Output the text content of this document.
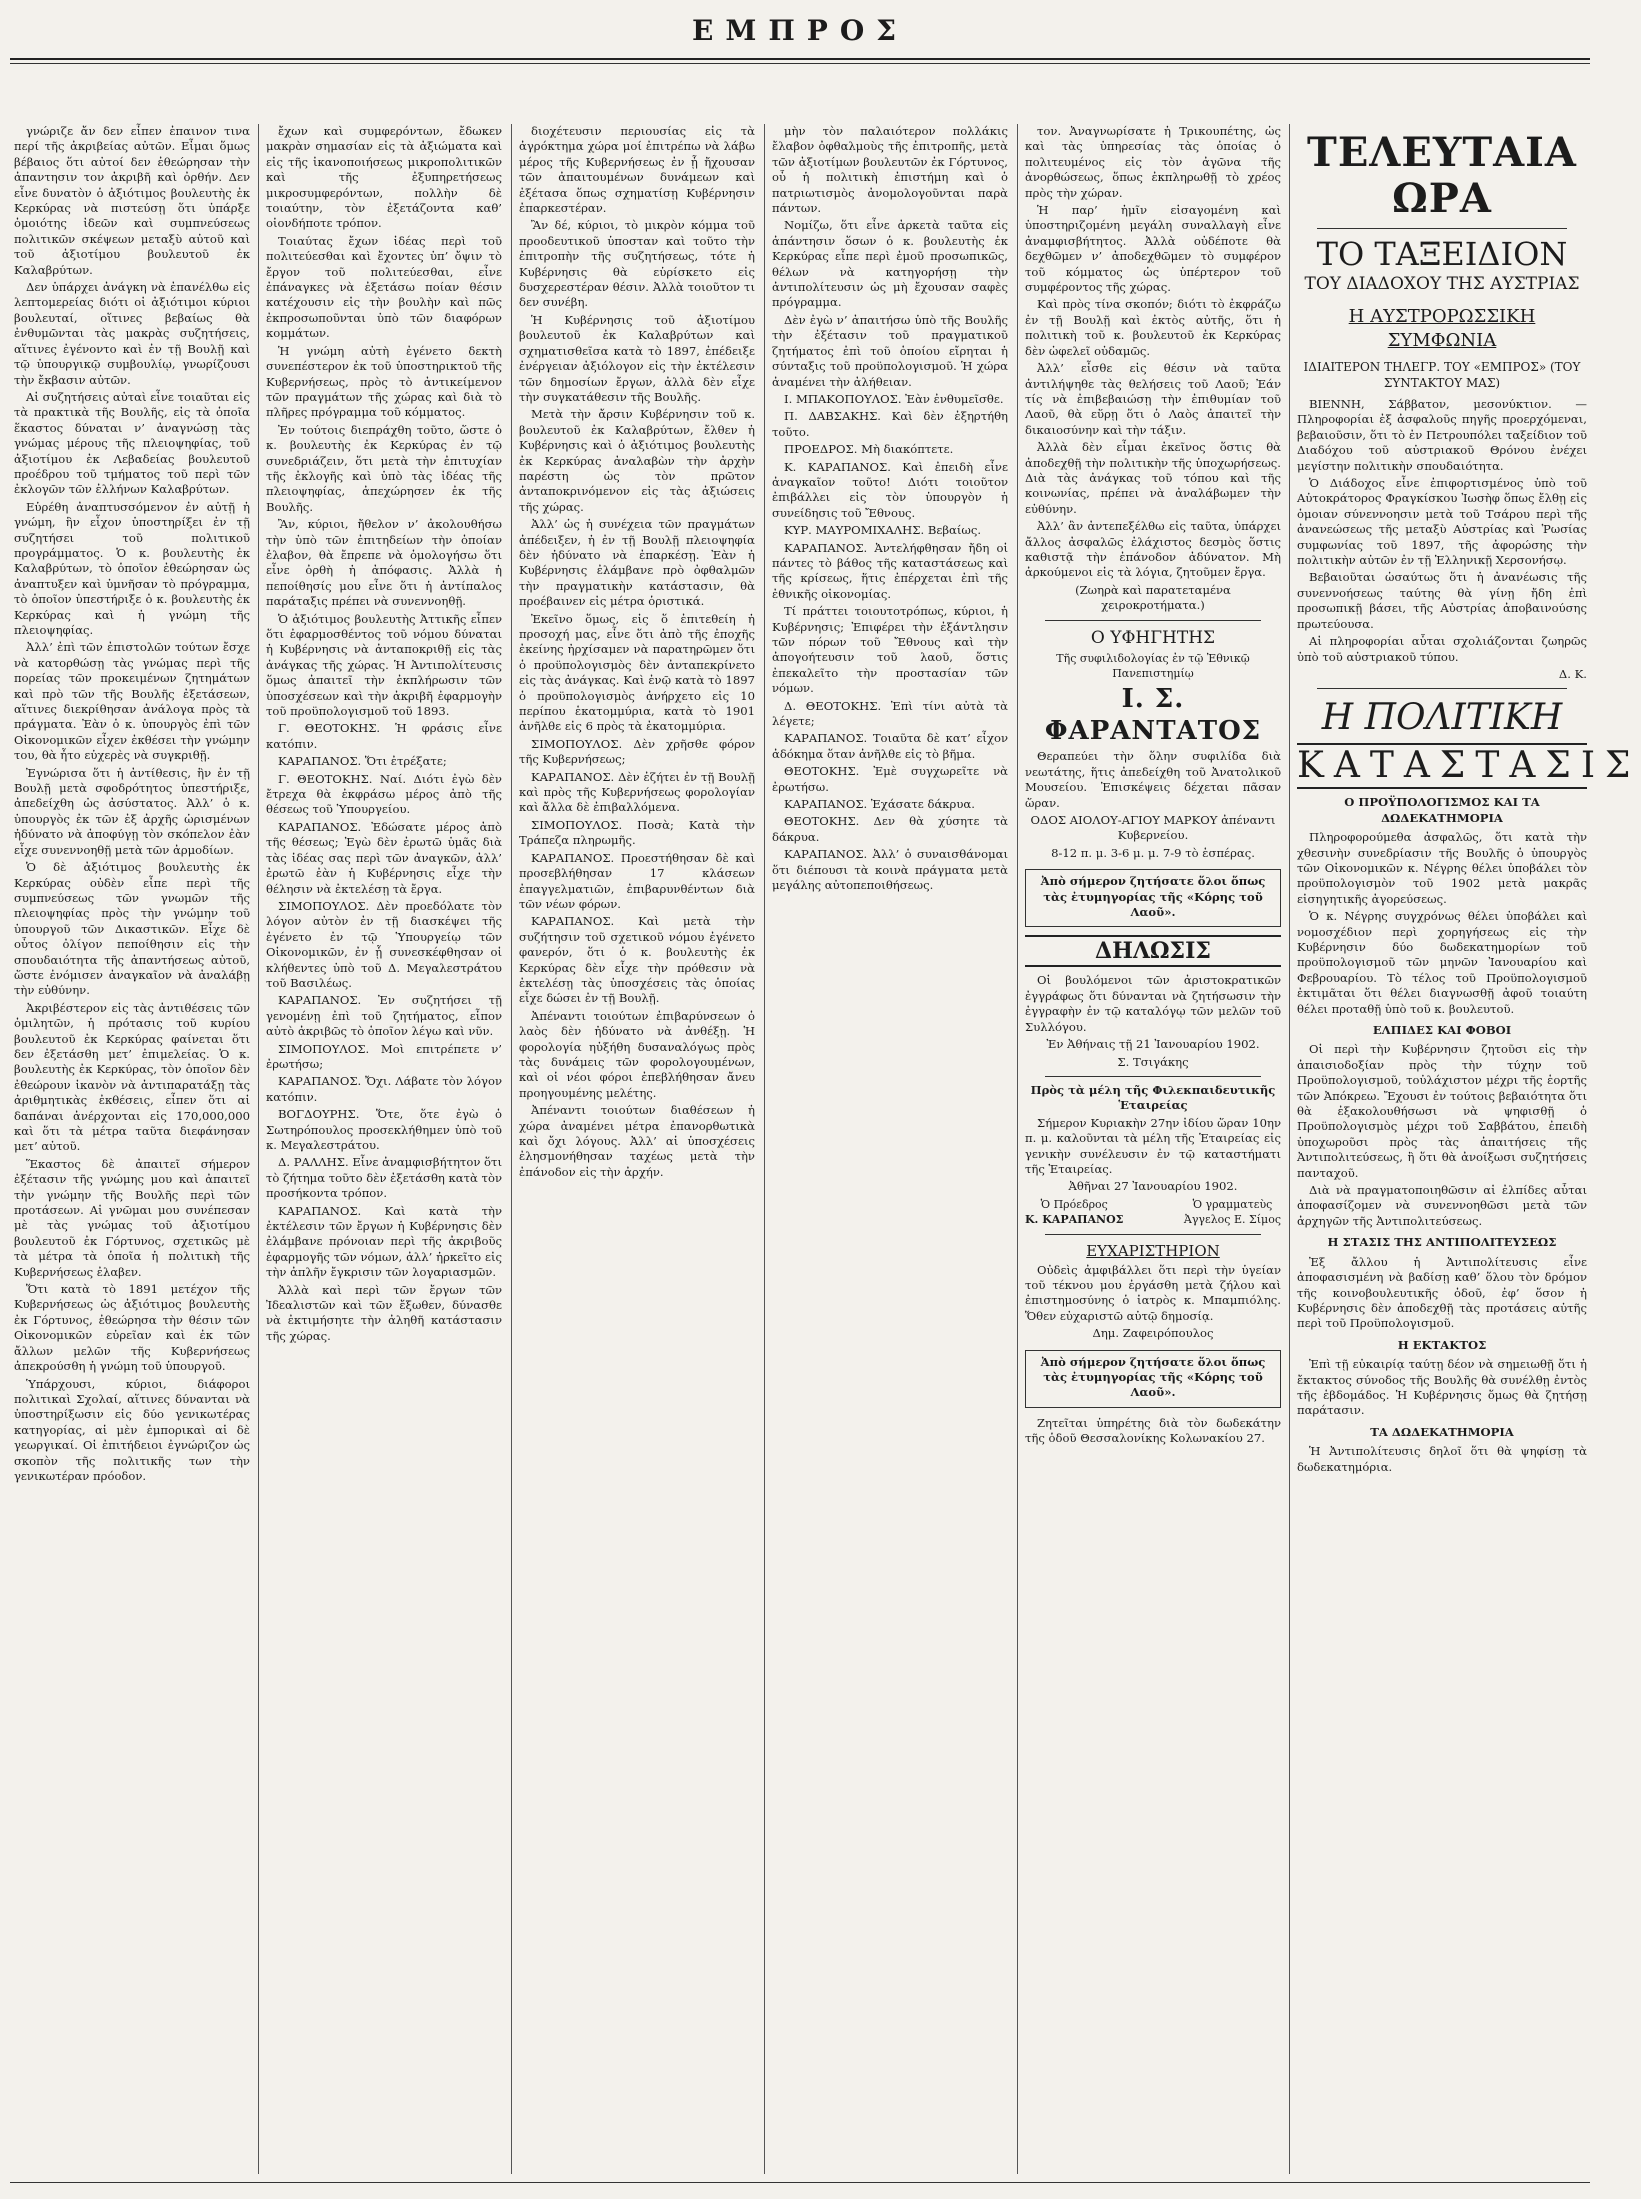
ΕΜΠΡΟΣ

γνώριζε ἄν δεν εἶπεν ἐπαινον τινα περί τῆς ἀκριβείας αὐτῶν. Εἶμαι ὅμως βέβαιος ὅτι αὐτοί δεν ἐθεώρησαν τὴν ἀπαντησιν τον ἀκριβῆ καὶ ὀρθήν. Δεν εἶνε δυνατὸν ὁ ἀξιότιμος βουλευτὴς ἐκ Κερκύρας νὰ πιστεύσῃ ὅτι ὑπάρξε ὁμοιότης ἰδεῶν καὶ συμπνεύσεως πολιτικῶν σκέψεων μεταξὺ αὐτοῦ καὶ τοῦ ἀξιοτίμου βουλευτοῦ ἐκ Καλαβρύτων.

Δεν ὑπάρχει ἀνάγκη νὰ ἐπανέλθω εἰς λεπτομερείας διότι οἱ ἀξιότιμοι κύριοι βουλευταί, οἵτινες βεβαίως θὰ ἐνθυμῶνται τὰς μακρὰς συζητήσεις, αἵτινες ἐγένοντο καὶ ἐν τῇ Βουλῇ καὶ τῷ ὑπουργικῷ συμβουλίῳ, γνωρίζουσι τὴν ἔκβασιν αὐτῶν.

Αἱ συζητήσεις αὐταὶ εἶνε τοιαῦται εἰς τὰ πρακτικὰ τῆς Βουλῆς, εἰς τὰ ὁποῖα ἕκαστος δύναται ν’ ἀναγνώσῃ τὰς γνώμας μέρους τῆς πλειοψηφίας, τοῦ ἀξιοτίμου ἐκ Λεβαδείας βουλευτοῦ προέδρου τοῦ τμήματος τοῦ περὶ τῶν ἐκλογῶν τῶν ἐλλήνων Καλαβρύτων.

Εὑρέθη ἀναπτυσσόμενον ἐν αὐτῇ ἡ γνώμη, ἣν εἶχον ὑποστηρίξει ἐν τῇ συζητήσει τοῦ πολιτικοῦ προγράμματος. Ὁ κ. βουλευτὴς ἐκ Καλαβρύτων, τὸ ὁποῖον ἐθεώρησαν ὡς ἀναπτυξεν καὶ ὑμνῆσαν τὸ πρόγραμμα, τὸ ὁποῖον ὑπεστήριξε ὁ κ. βουλευτὴς ἐκ Κερκύρας καὶ ἡ γνώμη τῆς πλειοψηφίας.

Ἀλλ’ ἐπὶ τῶν ἐπιστολῶν τούτων ἔσχε νὰ κατορθώσῃ τὰς γνώμας περὶ τῆς πορείας τῶν προκειμένων ζητημάτων καὶ πρὸ τῶν τῆς Βουλῆς ἐξετάσεων, αἵτινες διεκρίθησαν ἀνάλογα πρὸς τὰ πράγματα. Ἐὰν ὁ κ. ὑπουργὸς ἐπὶ τῶν Οἰκονομικῶν εἶχεν ἐκθέσει τὴν γνώμην του, θὰ ἦτο εὐχερὲς νὰ συγκριθῇ.

Ἐγνώρισα ὅτι ἡ ἀντίθεσις, ἣν ἐν τῇ Βουλῇ μετὰ σφοδρότητος ὑπεστήριξε, ἀπεδείχθη ὡς ἀσύστατος. Ἀλλ’ ὁ κ. ὑπουργὸς ἐκ τῶν ἐξ ἀρχῆς ὡρισμένων ἠδύνατο νὰ ἀποφύγῃ τὸν σκόπελον ἐὰν εἶχε συνεννοηθῇ μετὰ τῶν ἀρμοδίων.

Ὁ δὲ ἀξιότιμος βουλευτὴς ἐκ Κερκύρας οὐδὲν εἶπε περὶ τῆς συμπνεύσεως τῶν γνωμῶν τῆς πλειοψηφίας πρὸς τὴν γνώμην τοῦ ὑπουργοῦ τῶν Δικαστικῶν. Εἶχε δὲ οὗτος ὀλίγον πεποίθησιν εἰς τὴν σπουδαιότητα τῆς ἀπαντήσεως αὐτοῦ, ὥστε ἐνόμισεν ἀναγκαῖον νὰ ἀναλάβῃ τὴν εὐθύνην.

Ἀκριβέστερον εἰς τὰς ἀντιθέσεις τῶν ὁμιλητῶν, ἡ πρότασις τοῦ κυρίου βουλευτοῦ ἐκ Κερκύρας φαίνεται ὅτι δεν ἐξετάσθη μετ’ ἐπιμελείας. Ὁ κ. βουλευτὴς ἐκ Κερκύρας, τὸν ὁποῖον δὲν ἐθεώρουν ἱκανὸν νὰ ἀντιπαρατάξῃ τὰς ἀριθμητικὰς ἐκθέσεις, εἶπεν ὅτι αἱ δαπάναι ἀνέρχονται εἰς 170,000,000 καὶ ὅτι τὰ μέτρα ταῦτα διεφάνησαν μετ’ αὐτοῦ.

Ἕκαστος δὲ ἀπαιτεῖ σήμερον ἐξέτασιν τῆς γνώμης μου καὶ ἀπαιτεῖ τὴν γνώμην τῆς Βουλῆς περὶ τῶν προτάσεων. Αἱ γνῶμαι μου συνέπεσαν μὲ τὰς γνώμας τοῦ ἀξιοτίμου βουλευτοῦ ἐκ Γόρτυνος, σχετικῶς μὲ τὰ μέτρα τὰ ὁποῖα ἡ πολιτικὴ τῆς Κυβερνήσεως ἐλαβεν.

Ὅτι κατὰ τὸ 1891 μετέχον τῆς Κυβερνήσεως ὡς ἀξιότιμος βουλευτὴς ἐκ Γόρτυνος, ἐθεώρησα τὴν θέσιν τῶν Οἰκονομικῶν εὐρεῖαν καὶ ἐκ τῶν ἄλλων μελῶν τῆς Κυβερνήσεως ἀπεκρούσθη ἡ γνώμη τοῦ ὑπουργοῦ.

Ὑπάρχουσι, κύριοι, διάφοροι πολιτικαὶ Σχολαί, αἵτινες δύνανται νὰ ὑποστηρίξωσιν εἰς δύο γενικωτέρας κατηγορίας, αἱ μὲν ἐμπορικαὶ αἱ δὲ γεωργικαί. Οἱ ἐπιτήδειοι ἐγνώριζον ὡς σκοπὸν τῆς πολιτικῆς των τὴν γενικωτέραν πρόοδον.

ἔχων καὶ συμφερόντων, ἔδωκεν μακρὰν σημασίαν εἰς τὰ ἀξιώματα καὶ εἰς τῆς ἰκανοποιήσεως μικροπολιτικῶν καὶ τῆς ἐξυπηρετήσεως μικροσυμφερόντων, πολλὴν δὲ τοιαύτην, τὸν ἐξετάζοντα καθ’ οἱονδήποτε τρόπον.

Τοιαύτας ἔχων ἰδέας περὶ τοῦ πολιτεύεσθαι καὶ ἔχοντες ὑπ’ ὄψιν τὸ ἔργον τοῦ πολιτεύεσθαι, εἶνε ἐπάναγκες νὰ ἐξετάσω ποίαν θέσιν κατέχουσιν εἰς τὴν βουλὴν καὶ πῶς ἐκπροσωποῦνται ὑπὸ τῶν διαφόρων κομμάτων.

Ἡ γνώμη αὐτὴ ἐγένετο δεκτὴ συνεπέστερον ἐκ τοῦ ὑποστηρικτοῦ τῆς Κυβερνήσεως, πρὸς τὸ ἀντικείμενον τῶν πραγμάτων τῆς χώρας καὶ διὰ τὸ πλῆρες πρόγραμμα τοῦ κόμματος.

Ἐν τούτοις διεπράχθη τοῦτο, ὥστε ὁ κ. βουλευτὴς ἐκ Κερκύρας ἐν τῷ συνεδριάζειν, ὅτι μετὰ τὴν ἐπιτυχίαν τῆς ἐκλογῆς καὶ ὑπὸ τὰς ἰδέας τῆς πλειοψηφίας, ἀπεχώρησεν ἐκ τῆς Βουλῆς.

Ἂν, κύριοι, ἤθελον ν’ ἀκολουθήσω τὴν ὑπὸ τῶν ἐπιτηδείων τὴν ὁποίαν ἐλαβον, θὰ ἔπρεπε νὰ ὁμολογήσω ὅτι εἶνε ὀρθὴ ἡ ἀπόφασις. Ἀλλὰ ἡ πεποίθησίς μου εἶνε ὅτι ἡ ἀντίπαλος παράταξις πρέπει νὰ συνεννοηθῇ.

Ὁ ἀξιότιμος βουλευτὴς Ἀττικῆς εἶπεν ὅτι ἐφαρμοσθέντος τοῦ νόμου δύναται ἡ Κυβέρνησις νὰ ἀνταποκριθῇ εἰς τὰς ἀνάγκας τῆς χώρας. Ἡ Ἀντιπολίτευσις ὅμως ἀπαιτεῖ τὴν ἐκπλήρωσιν τῶν ὑποσχέσεων καὶ τὴν ἀκριβῆ ἐφαρμογὴν τοῦ προϋπολογισμοῦ τοῦ 1893.

Γ. ΘΕΟΤΟΚΗΣ. Ἡ φράσις εἶνε κατόπιν.

ΚΑΡΑΠΑΝΟΣ. Ὅτι ἐτρέξατε;

Γ. ΘΕΟΤΟΚΗΣ. Ναί. Διότι ἐγὼ δὲν ἔτρεχα θὰ ἐκφράσω μέρος ἀπὸ τῆς θέσεως τοῦ Ὑπουργείου.

ΚΑΡΑΠΑΝΟΣ. Ἐδώσατε μέρος ἀπὸ τῆς θέσεως; Ἐγὼ δὲν ἐρωτῶ ὑμᾶς διὰ τὰς ἰδέας σας περὶ τῶν ἀναγκῶν, ἀλλ’ ἐρωτῶ ἐὰν ἡ Κυβέρνησις εἶχε τὴν θέλησιν νὰ ἐκτελέσῃ τὰ ἔργα.

ΣΙΜΟΠΟΥΛΟΣ. Δὲν προεδόλατε τὸν λόγον αὐτὸν ἐν τῇ διασκέψει τῆς ἐγένετο ἐν τῷ Ὑπουργείῳ τῶν Οἰκονομικῶν, ἐν ᾗ συνεσκέφθησαν οἱ κλήθεντες ὑπὸ τοῦ Δ. Μεγαλεστράτου τοῦ Βασιλέως.

ΚΑΡΑΠΑΝΟΣ. Ἐν συζητήσει τῇ γενομένῃ ἐπὶ τοῦ ζητήματος, εἶπον αὐτὸ ἀκριβῶς τὸ ὁποῖον λέγω καὶ νῦν.

ΣΙΜΟΠΟΥΛΟΣ. Μοὶ επιτρέπετε ν’ ἐρωτήσω;

ΚΑΡΑΠΑΝΟΣ. Ὄχι. Λάβατε τὸν λόγον κατόπιν.

ΒΟΓΔΟΥΡΗΣ. Ὅτε, ὅτε ἐγὼ ὁ Σωτηρόπουλος προσεκλήθημεν ὑπὸ τοῦ κ. Μεγαλεστράτου.

Δ. ΡΑΛΛΗΣ. Εἶνε ἀναμφισβήτητον ὅτι τὸ ζήτημα τοῦτο δὲν ἐξετάσθη κατὰ τὸν προσήκοντα τρόπον.

ΚΑΡΑΠΑΝΟΣ. Καὶ κατὰ τὴν ἐκτέλεσιν τῶν ἔργων ἡ Κυβέρνησις δὲν ἐλάμβανε πρόνοιαν περὶ τῆς ἀκριβοῦς ἐφαρμογῆς τῶν νόμων, ἀλλ’ ἠρκεῖτο εἰς τὴν ἀπλῆν ἔγκρισιν τῶν λογαριασμῶν.

Ἀλλὰ καὶ περὶ τῶν ἔργων τῶν Ἰδεαλιστῶν καὶ τῶν ἔξωθεν, δύνασθε νὰ ἐκτιμήσητε τὴν ἀληθῆ κατάστασιν τῆς χώρας.

διοχέτευσιν περιουσίας εἰς τὰ ἀγρόκτημα χώρα μοί ἐπιτρέπω νὰ λάβω μέρος τῆς Κυβερνήσεως ἐν ᾗ ἤχουσαν τῶν ἀπαιτουμένων δυνάμεων καὶ ἐξέτασα ὅπως σχηματίσῃ Κυβέρνησιν ἐπαρκεστέραν.

Ἂν δέ, κύριοι, τὸ μικρὸν κόμμα τοῦ προοδευτικοῦ ὑποσταν καὶ τοῦτο τὴν ἐπιτροπὴν τῆς συζητήσεως, τότε ἡ Κυβέρνησις θὰ εὑρίσκετο εἰς δυσχερεστέραν θέσιν. Ἀλλὰ τοιοῦτον τι δεν συνέβη.

Ἡ Κυβέρνησις τοῦ ἀξιοτίμου βουλευτοῦ ἐκ Καλαβρύτων καὶ σχηματισθεῖσα κατὰ τὸ 1897, ἐπέδειξε ἐνέργειαν ἀξιόλογον εἰς τὴν ἐκτέλεσιν τῶν δημοσίων ἔργων, ἀλλὰ δὲν εἶχε τὴν συγκατάθεσιν τῆς Βουλῆς.

Μετὰ τὴν ἄρσιν Κυβέρνησιν τοῦ κ. βουλευτοῦ ἐκ Καλαβρύτων, ἔλθεν ἡ Κυβέρνησις καὶ ὁ ἀξιότιμος βουλευτὴς ἐκ Κερκύρας ἀναλαβὼν τὴν ἀρχὴν παρέστη ὡς τὸν πρῶτον ἀνταποκρινόμενον εἰς τὰς ἀξιώσεις τῆς χώρας.

Ἀλλ’ ὡς ἡ συνέχεια τῶν πραγμάτων ἀπέδειξεν, ἡ ἐν τῇ Βουλῇ πλειοψηφία δὲν ἠδύνατο νὰ ἐπαρκέσῃ. Ἐὰν ἡ Κυβέρνησις ἐλάμβανε πρὸ ὀφθαλμῶν τὴν πραγματικὴν κατάστασιν, θὰ προέβαινεν εἰς μέτρα ὁριστικά.

Ἐκεῖνο ὅμως, εἰς ὅ ἐπιτεθείη ἡ προσοχή μας, εἶνε ὅτι ἀπὸ τῆς ἐποχῆς ἐκείνης ἠρχίσαμεν νὰ παρατηρῶμεν ὅτι ὁ προϋπολογισμὸς δὲν ἀνταπεκρίνετο εἰς τὰς ἀνάγκας. Καὶ ἐνῷ κατὰ τὸ 1897 ὁ προϋπολογισμὸς ἀνήρχετο εἰς 10 περίπου ἑκατομμύρια, κατὰ τὸ 1901 ἀνῆλθε εἰς 6 πρὸς τὰ ἐκατομμύρια.

ΣΙΜΟΠΟΥΛΟΣ. Δὲν χρῆσθε φόρον τῆς Κυβερνήσεως;

ΚΑΡΑΠΑΝΟΣ. Δὲν ἐζήτει ἐν τῇ Βουλῇ καὶ πρὸς τῆς Κυβερνήσεως φορολογίαν καὶ ἄλλα δὲ ἐπιβαλλόμενα.

ΣΙΜΟΠΟΥΛΟΣ. Ποσὰ; Κατὰ τὴν Τράπεζα πληρωμῆς.

ΚΑΡΑΠΑΝΟΣ. Προεστήθησαν δὲ καὶ προσεβλήθησαν 17 κλάσεων ἐπαγγελματιῶν, ἐπιβαρυνθέντων διὰ τῶν νέων φόρων.

ΚΑΡΑΠΑΝΟΣ. Καὶ μετὰ τὴν συζήτησιν τοῦ σχετικοῦ νόμου ἐγένετο φανερόν, ὅτι ὁ κ. βουλευτὴς ἐκ Κερκύρας δὲν εἶχε τὴν πρόθεσιν νὰ ἐκτελέσῃ τὰς ὑποσχέσεις τὰς ὁποίας εἶχε δώσει ἐν τῇ Βουλῇ.

Ἀπέναντι τοιούτων ἐπιβαρύνσεων ὁ λαὸς δὲν ἠδύνατο νὰ ἀνθέξῃ. Ἡ φορολογία ηὐξήθη δυσαναλόγως πρὸς τὰς δυνάμεις τῶν φορολογουμένων, καὶ οἱ νέοι φόροι ἐπεβλήθησαν ἄνευ προηγουμένης μελέτης.

Ἀπέναντι τοιούτων διαθέσεων ἡ χώρα ἀναμένει μέτρα ἐπανορθωτικὰ καὶ ὄχι λόγους. Ἀλλ’ αἱ ὑποσχέσεις ἐλησμονήθησαν ταχέως μετὰ τὴν ἐπάνοδον εἰς τὴν ἀρχήν.

μὴν τὸν παλαιότερον πολλάκις ἔλαβον ὀφθαλμοὺς τῆς ἐπιτροπῆς, μετὰ τῶν ἀξιοτίμων βουλευτῶν ἐκ Γόρτυνος, οὗ ἡ πολιτικὴ ἐπιστήμη καὶ ὁ πατριωτισμὸς ἀνομολογοῦνται παρὰ πάντων.

Νομίζω, ὅτι εἶνε ἀρκετὰ ταῦτα εἰς ἀπάντησιν ὅσων ὁ κ. βουλευτὴς ἐκ Κερκύρας εἶπε περὶ ἐμοῦ προσωπικῶς, θέλων νὰ κατηγορήσῃ τὴν ἀντιπολίτευσιν ὡς μὴ ἔχουσαν σαφὲς πρόγραμμα.

Δὲν ἐγὼ ν’ ἀπαιτήσω ὑπὸ τῆς Βουλῆς τὴν ἐξέτασιν τοῦ πραγματικοῦ ζητήματος ἐπὶ τοῦ ὁποίου εἴρηται ἡ σύνταξις τοῦ προϋπολογισμοῦ. Ἡ χώρα ἀναμένει τὴν ἀλήθειαν.

Ι. ΜΠΑΚΟΠΟΥΛΟΣ. Ἐὰν ἐνθυμεῖσθε.

Π. ΔΑΒΣΑΚΗΣ. Καὶ δὲν ἐξηρτήθη τοῦτο.

ΠΡΟΕΔΡΟΣ. Μὴ διακόπτετε.

Κ. ΚΑΡΑΠΑΝΟΣ. Καὶ ἐπειδὴ εἶνε ἀναγκαῖον τοῦτο! Διότι τοιοῦτον ἐπιβάλλει εἰς τὸν ὑπουργὸν ἡ συνείδησις τοῦ Ἔθνους.

ΚΥΡ. ΜΑΥΡΟΜΙΧΑΛΗΣ. Βεβαίως.

ΚΑΡΑΠΑΝΟΣ. Ἀντελήφθησαν ἤδη οἱ πάντες τὸ βάθος τῆς καταστάσεως καὶ τῆς κρίσεως, ἥτις ἐπέρχεται ἐπὶ τῆς ἐθνικῆς οἰκονομίας.

Τί πράττει τοιουτοτρόπως, κύριοι, ἡ Κυβέρνησις; Ἐπιφέρει τὴν ἐξάντλησιν τῶν πόρων τοῦ Ἔθνους καὶ τὴν ἀπογοήτευσιν τοῦ λαοῦ, ὅστις ἐπεκαλεῖτο τὴν προστασίαν τῶν νόμων.

Δ. ΘΕΟΤΟΚΗΣ. Ἐπὶ τίνι αὐτὰ τὰ λέγετε;

ΚΑΡΑΠΑΝΟΣ. Τοιαῦτα δὲ κατ’ εἶχον ἀδόκημα ὅταν ἀνῆλθε εἰς τὸ βῆμα.

ΘΕΟΤΟΚΗΣ. Ἐμὲ συγχωρεῖτε νὰ ἐρωτήσω.

ΚΑΡΑΠΑΝΟΣ. Ἐχάσατε δάκρυα.

ΘΕΟΤΟΚΗΣ. Δεν θὰ χύσητε τὰ δάκρυα.

ΚΑΡΑΠΑΝΟΣ. Ἀλλ’ ὁ συναισθάνομαι ὅτι διέπουσι τὰ κοινὰ πράγματα μετὰ μεγάλης αὐτοπεποιθήσεως.

τον. Ἀναγνωρίσατε ἡ Τρικουπέτης, ὡς καὶ τὰς ὑπηρεσίας τὰς ὁποίας ὁ πολιτευμένος εἰς τὸν ἀγῶνα τῆς ἀνορθώσεως, ὅπως ἐκπληρωθῇ τὸ χρέος πρὸς τὴν χώραν.

Ἡ παρ’ ἡμῖν εἰσαγομένη καὶ ὑποστηριζομένη μεγάλη συναλλαγὴ εἶνε ἀναμφισβήτητος. Ἀλλὰ οὐδέποτε θὰ δεχθῶμεν ν’ ἀποδεχθῶμεν τὸ συμφέρον τοῦ κόμματος ὡς ὑπέρτερον τοῦ συμφέροντος τῆς χώρας.

Καὶ πρὸς τίνα σκοπόν; διότι τὸ ἐκφράζω ἐν τῇ Βουλῇ καὶ ἐκτὸς αὐτῆς, ὅτι ἡ πολιτικὴ τοῦ κ. βουλευτοῦ ἐκ Κερκύρας δὲν ὠφελεῖ οὐδαμῶς.

Ἀλλ’ εἶσθε εἰς θέσιν νὰ ταῦτα ἀντιλήψηθε τὰς θελήσεις τοῦ Λαοῦ; Ἐάν τίς νὰ ἐπιβεβαιώσῃ τὴν ἐπιθυμίαν τοῦ Λαοῦ, θὰ εὕρῃ ὅτι ὁ Λαὸς ἀπαιτεῖ τὴν δικαιοσύνην καὶ τὴν τάξιν.

Ἀλλὰ δὲν εἶμαι ἐκεῖνος ὅστις θὰ ἀποδεχθῇ τὴν πολιτικὴν τῆς ὑποχωρήσεως. Διὰ τὰς ἀνάγκας τοῦ τόπου καὶ τῆς κοινωνίας, πρέπει νὰ ἀναλάβωμεν τὴν εὐθύνην.

Ἀλλ’ ἂν ἀντεπεξέλθω εἰς ταῦτα, ὑπάρχει ἄλλος ἀσφαλῶς ἐλάχιστος δεσμὸς ὅστις καθιστᾷ τὴν ἐπάνοδον ἀδύνατον. Μὴ ἀρκούμενοι εἰς τὰ λόγια, ζητοῦμεν ἔργα.

(Ζωηρὰ καὶ παρατεταμένα χειροκροτήματα.)

Ο ΥΦΗΓΗΤΗΣ

Τῆς συφιλιδολογίας ἐν τῷ Ἐθνικῷ Πανεπιστημίῳ

Ι. Σ. ΦΑΡΑΝΤΑΤΟΣ

Θεραπεύει τὴν ὅλην συφιλίδα διὰ νεωτάτης, ἥτις ἀπεδείχθη τοῦ Ἀνατολικοῦ Μουσείου. Ἐπισκέψεις δέχεται πᾶσαν ὥραν.

ΟΔΟΣ ΑΙΟΛΟΥ-ΑΓΙΟΥ ΜΑΡΚΟΥ ἀπέναντι Κυβερνείου.

8-12 π. μ. 3-6 μ. μ. 7-9 τὸ ἑσπέρας.

Ἀπὸ σήμερον ζητήσατε ὅλοι ὅπως τὰς ἐτυμηγορίας τῆς «Κόρης τοῦ Λαοῦ».

ΔΗΛΩΣΙΣ

Οἱ βουλόμενοι τῶν ἀριστοκρατικῶν ἐγγράφως ὅτι δύνανται νὰ ζητήσωσιν τὴν ἐγγραφὴν ἐν τῷ καταλόγῳ τῶν μελῶν τοῦ Συλλόγου.

Ἐν Ἀθήναις τῇ 21 Ἰανουαρίου 1902.

Σ. Τσιγάκης

Πρὸς τὰ μέλη τῆς Φιλεκπαιδευτικῆς Ἑταιρείας

Σήμερον Κυριακὴν 27ην ἰδίου ὥραν 10ην π. μ. καλοῦνται τὰ μέλη τῆς Ἑταιρείας εἰς γενικὴν συνέλευσιν ἐν τῷ καταστήματι τῆς Ἑταιρείας.

Ἀθῆναι 27 Ἰανουαρίου 1902.

Ὁ Πρόεδρος
Κ. ΚΑΡΑΠΑΝΟΣ
Ὁ γραμματεὺς
Ἀγγελος Ε. Σίμος

ΕΥΧΑΡΙΣΤΗΡΙΟΝ

Οὐδεὶς ἀμφιβάλλει ὅτι περὶ τὴν ὑγείαν τοῦ τέκνου μου ἐργάσθη μετὰ ζήλου καὶ ἐπιστημοσύνης ὁ ἰατρὸς κ. Μπαμπιόλης. Ὅθεν εὐχαριστῶ αὐτῷ δημοσίᾳ.

Δημ. Ζαφειρόπουλος

Ἀπὸ σήμερον ζητήσατε ὅλοι ὅπως τὰς ἐτυμηγορίας τῆς «Κόρης τοῦ Λαοῦ».

Ζητεῖται ὑπηρέτης διὰ τὸν δωδεκάτην τῆς ὁδοῦ Θεσσαλονίκης Κολωνακίου 27.

ΤΕΛΕΥΤΑΙΑ ΩΡΑ
ΤΟ ΤΑΞΕΙΔΙΟΝ
ΤΟΥ ΔΙΑΔΟΧΟΥ ΤΗΣ ΑΥΣΤΡΙΑΣ
Η ΑΥΣΤΡΟΡΩΣΣΙΚΗ ΣΥΜΦΩΝΙΑ
ΙΔΙΑΙΤΕΡΟΝ ΤΗΛΕΓΡ. ΤΟΥ «ΕΜΠΡΟΣ» (ΤΟΥ ΣΥΝΤΑΚΤΟΥ ΜΑΣ)

ΒΙΕΝΝΗ, Σάββατον, μεσονύκτιον. — Πληροφορίαι ἐξ ἀσφαλοῦς πηγῆς προερχόμεναι, βεβαιοῦσιν, ὅτι τὸ ἐν Πετρουπόλει ταξείδιον τοῦ Διαδόχου τοῦ αὐστριακοῦ Θρόνου ἐνέχει μεγίστην πολιτικὴν σπουδαιότητα.

Ὁ Διάδοχος εἶνε ἐπιφορτισμένος ὑπὸ τοῦ Αὐτοκράτορος Φραγκίσκου Ἰωσὴφ ὅπως ἔλθῃ εἰς ὁμοιαν σύνεννοησιν μετὰ τοῦ Τσάρου περὶ τῆς ἀνανεώσεως τῆς μεταξὺ Αὐστρίας καὶ Ῥωσίας συμφωνίας τοῦ 1897, τῆς ἀφορώσης τὴν πολιτικὴν αὐτῶν ἐν τῇ Ἑλληνικῇ Χερσονήσῳ.

Βεβαιοῦται ὡσαύτως ὅτι ἡ ἀνανέωσις τῆς συνεννοήσεως ταύτης θὰ γίνῃ ἤδη ἐπὶ προσωπικῇ βάσει, τῆς Αὐστρίας ἀποβαινούσης πρωτεύουσα.

Αἱ πληροφορίαι αὗται σχολιάζονται ζωηρῶς ὑπὸ τοῦ αὐστριακοῦ τύπου.

Δ. Κ.

Η ΠΟΛΙΤΙΚΗ
ΚΑΤΑΣΤΑΣΙΣ

Ο ΠΡΟΫΠΟΛΟΓΙΣΜΟΣ ΚΑΙ ΤΑ ΔΩΔΕΚΑΤΗΜΟΡΙΑ

Πληροφορούμεθα ἀσφαλῶς, ὅτι κατὰ τὴν χθεσινὴν συνεδρίασιν τῆς Βουλῆς ὁ ὑπουργὸς τῶν Οἰκονομικῶν κ. Νέγρης θέλει ὑποβάλει τὸν προϋπολογισμὸν τοῦ 1902 μετὰ μακρᾶς εἰσηγητικῆς ἀγορεύσεως.

Ὁ κ. Νέγρης συγχρόνως θέλει ὑποβάλει καὶ νομοσχέδιον περὶ χορηγήσεως εἰς τὴν Κυβέρνησιν δύο δωδεκατημορίων τοῦ προϋπολογισμοῦ τῶν μηνῶν Ἰανουαρίου καὶ Φεβρουαρίου. Τὸ τέλος τοῦ Προϋπολογισμοῦ ἐκτιμᾶται ὅτι θέλει διαγνωσθῇ ἀφοῦ τοιαύτη θέλει προταθῇ ὑπὸ τοῦ κ. βουλευτοῦ.

ΕΛΠΙΔΕΣ ΚΑΙ ΦΟΒΟΙ

Οἱ περὶ τὴν Κυβέρνησιν ζητοῦσι εἰς τὴν ἀπαισιοδοξίαν πρὸς τὴν τύχην τοῦ Προϋπολογισμοῦ, τοὐλάχιστον μέχρι τῆς ἑορτῆς τῶν Ἀπόκρεω. Ἔχουσι ἐν τούτοις βεβαιότητα ὅτι θὰ ἐξακολουθήσωσι νὰ ψηφισθῇ ὁ Προϋπολογισμὸς μέχρι τοῦ Σαββάτου, ἐπειδὴ ὑποχωροῦσι πρὸς τὰς ἀπαιτήσεις τῆς Ἀντιπολιτεύσεως, ἢ ὅτι θὰ ἀνοίξωσι συζητήσεις πανταχοῦ.

Διὰ νὰ πραγματοποιηθῶσιν αἱ ἐλπίδες αὗται ἀποφασίζομεν νὰ συνεννοηθῶσι μετὰ τῶν ἀρχηγῶν τῆς Ἀντιπολιτεύσεως.

Η ΣΤΑΣΙΣ ΤΗΣ ΑΝΤΙΠΟΛΙΤΕΥΣΕΩΣ

Ἐξ ἄλλου ἡ Ἀντιπολίτευσις εἶνε ἀποφασισμένη νὰ βαδίσῃ καθ’ ὅλου τὸν δρόμον τῆς κοινοβουλευτικῆς ὁδοῦ, ἐφ’ ὅσον ἡ Κυβέρνησις δὲν ἀποδεχθῇ τὰς προτάσεις αὐτῆς περὶ τοῦ Προϋπολογισμοῦ.

Η ΕΚΤΑΚΤΟΣ

Ἐπὶ τῇ εὐκαιρίᾳ ταύτῃ δέον νὰ σημειωθῇ ὅτι ἡ ἔκτακτος σύνοδος τῆς Βουλῆς θὰ συνέλθῃ ἐντὸς τῆς ἑβδομάδος. Ἡ Κυβέρνησις ὅμως θὰ ζητήσῃ παράτασιν.

ΤΑ ΔΩΔΕΚΑΤΗΜΟΡΙΑ

Ἡ Ἀντιπολίτευσις δηλοῖ ὅτι θὰ ψηφίσῃ τὰ δωδεκατημόρια.
